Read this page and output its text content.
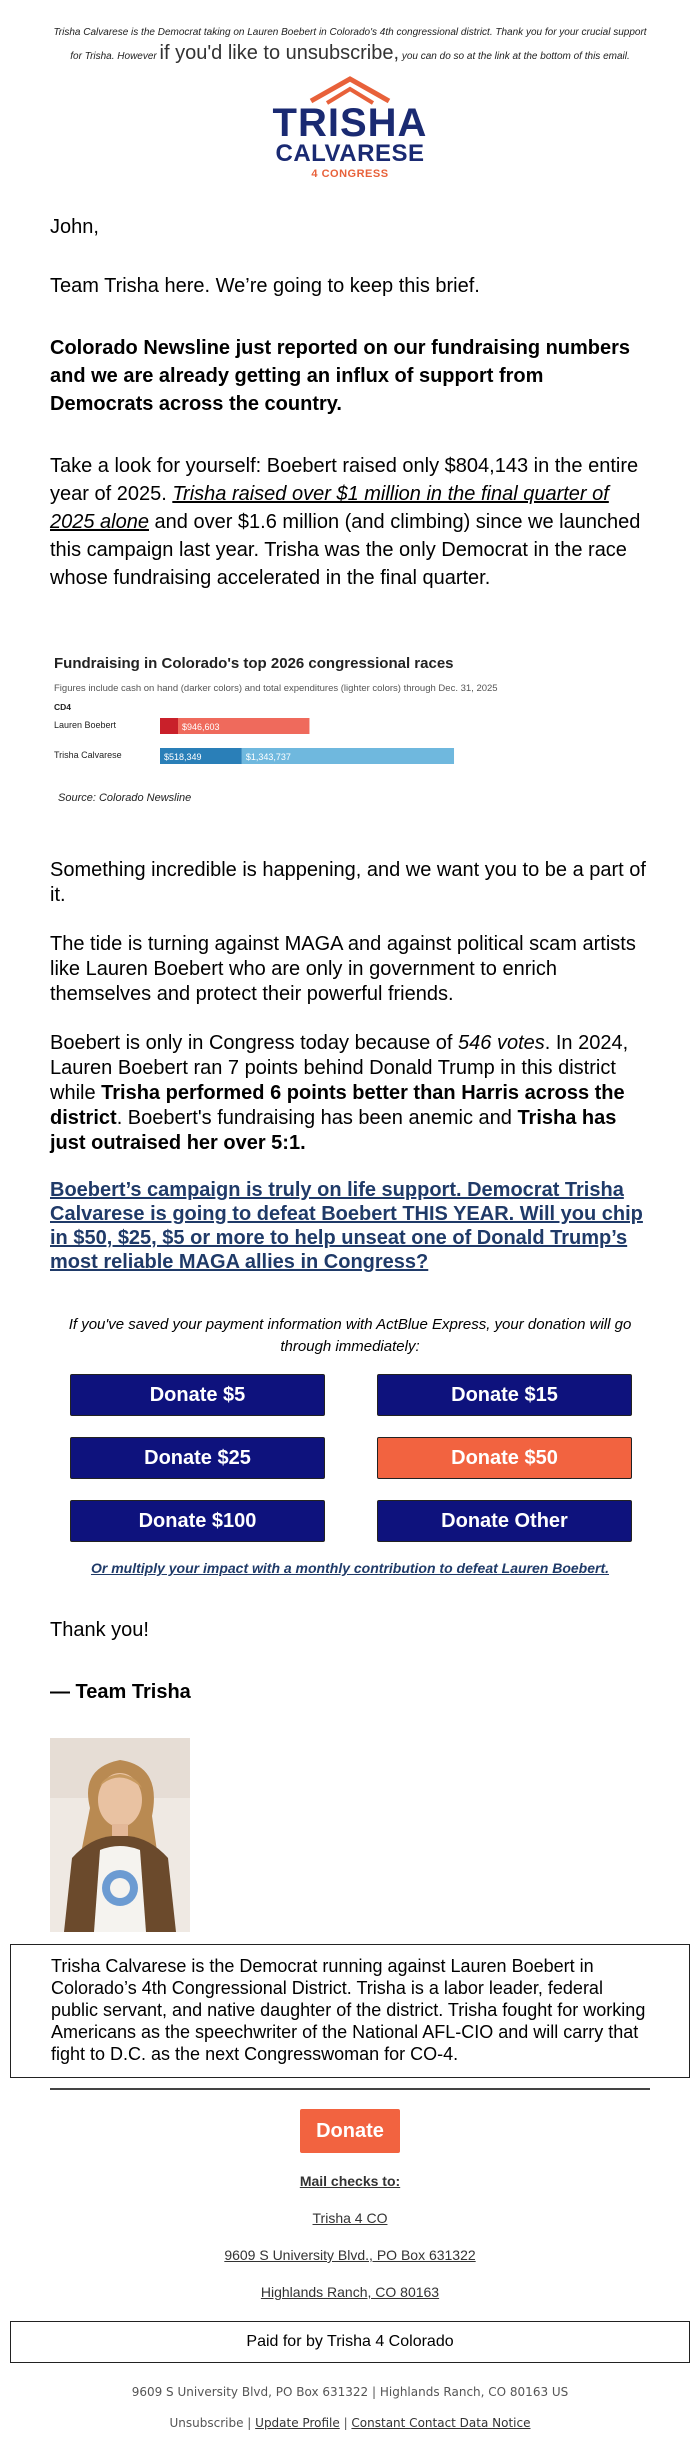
Trisha Calvarese is the Democrat taking on Lauren Boebert in Colorado's 4th congressional district. Thank you for your crucial support for Trisha. However if you'd like to unsubscribe, you can do so at the link at the bottom of this email.
TRISHA
CALVARESE
4 CONGRESS

John,

Team Trisha here. We’re going to keep this brief.

Colorado Newsline just reported on our fundraising numbers and we are already getting an influx of support from Democrats across the country.

Take a look for yourself: Boebert raised only $804,143 in the entire year of 2025. Trisha raised over $1 million in the final quarter of 2025 alone and over $1.6 million (and climbing) since we launched this campaign last year. Trisha was the only Democrat in the race whose fundraising accelerated in the final quarter.

Fundraising in Colorado's top 2026 congressional races
Figures include cash on hand (darker colors) and total expenditures (lighter colors) through Dec. 31, 2025
CD4
Lauren Boebert
Trisha Calvarese
$946,603
$518,349	$1,343,737
Source: Colorado Newsline

Something incredible is happening, and we want you to be a part of it.

The tide is turning against MAGA and against political scam artists like Lauren Boebert who are only in government to enrich themselves and protect their powerful friends.

Boebert is only in Congress today because of 546 votes. In 2024, Lauren Boebert ran 7 points behind Donald Trump in this district while Trisha performed 6 points better than Harris across the district. Boebert's fundraising has been anemic and Trisha has just outraised her over 5:1.

Boebert’s campaign is truly on life support. Democrat Trisha Calvarese is going to defeat Boebert THIS YEAR. Will you chip in $50, $25, $5 or more to help unseat one of Donald Trump’s most reliable MAGA allies in Congress?

If you've saved your payment information with ActBlue Express, your donation will go through immediately:
Donate $5	Donate $15
Donate $25	Donate $50
Donate $100	Donate Other
Or multiply your impact with a monthly contribution to defeat Lauren Boebert.

Thank you!

— Team Trisha

Trisha Calvarese is the Democrat running against Lauren Boebert in Colorado’s 4th Congressional District. Trisha is a labor leader, federal public servant, and native daughter of the district. Trisha fought for working Americans as the speechwriter of the National AFL-CIO and will carry that fight to D.C. as the next Congresswoman for CO-4.
Donate
Mail checks to:
Trisha 4 CO
9609 S University Blvd., PO Box 631322
Highlands Ranch, CO 80163
Paid for by Trisha 4 Colorado
9609 S University Blvd, PO Box 631322 | Highlands Ranch, CO 80163 US
Unsubscribe | Update Profile | Constant Contact Data Notice
